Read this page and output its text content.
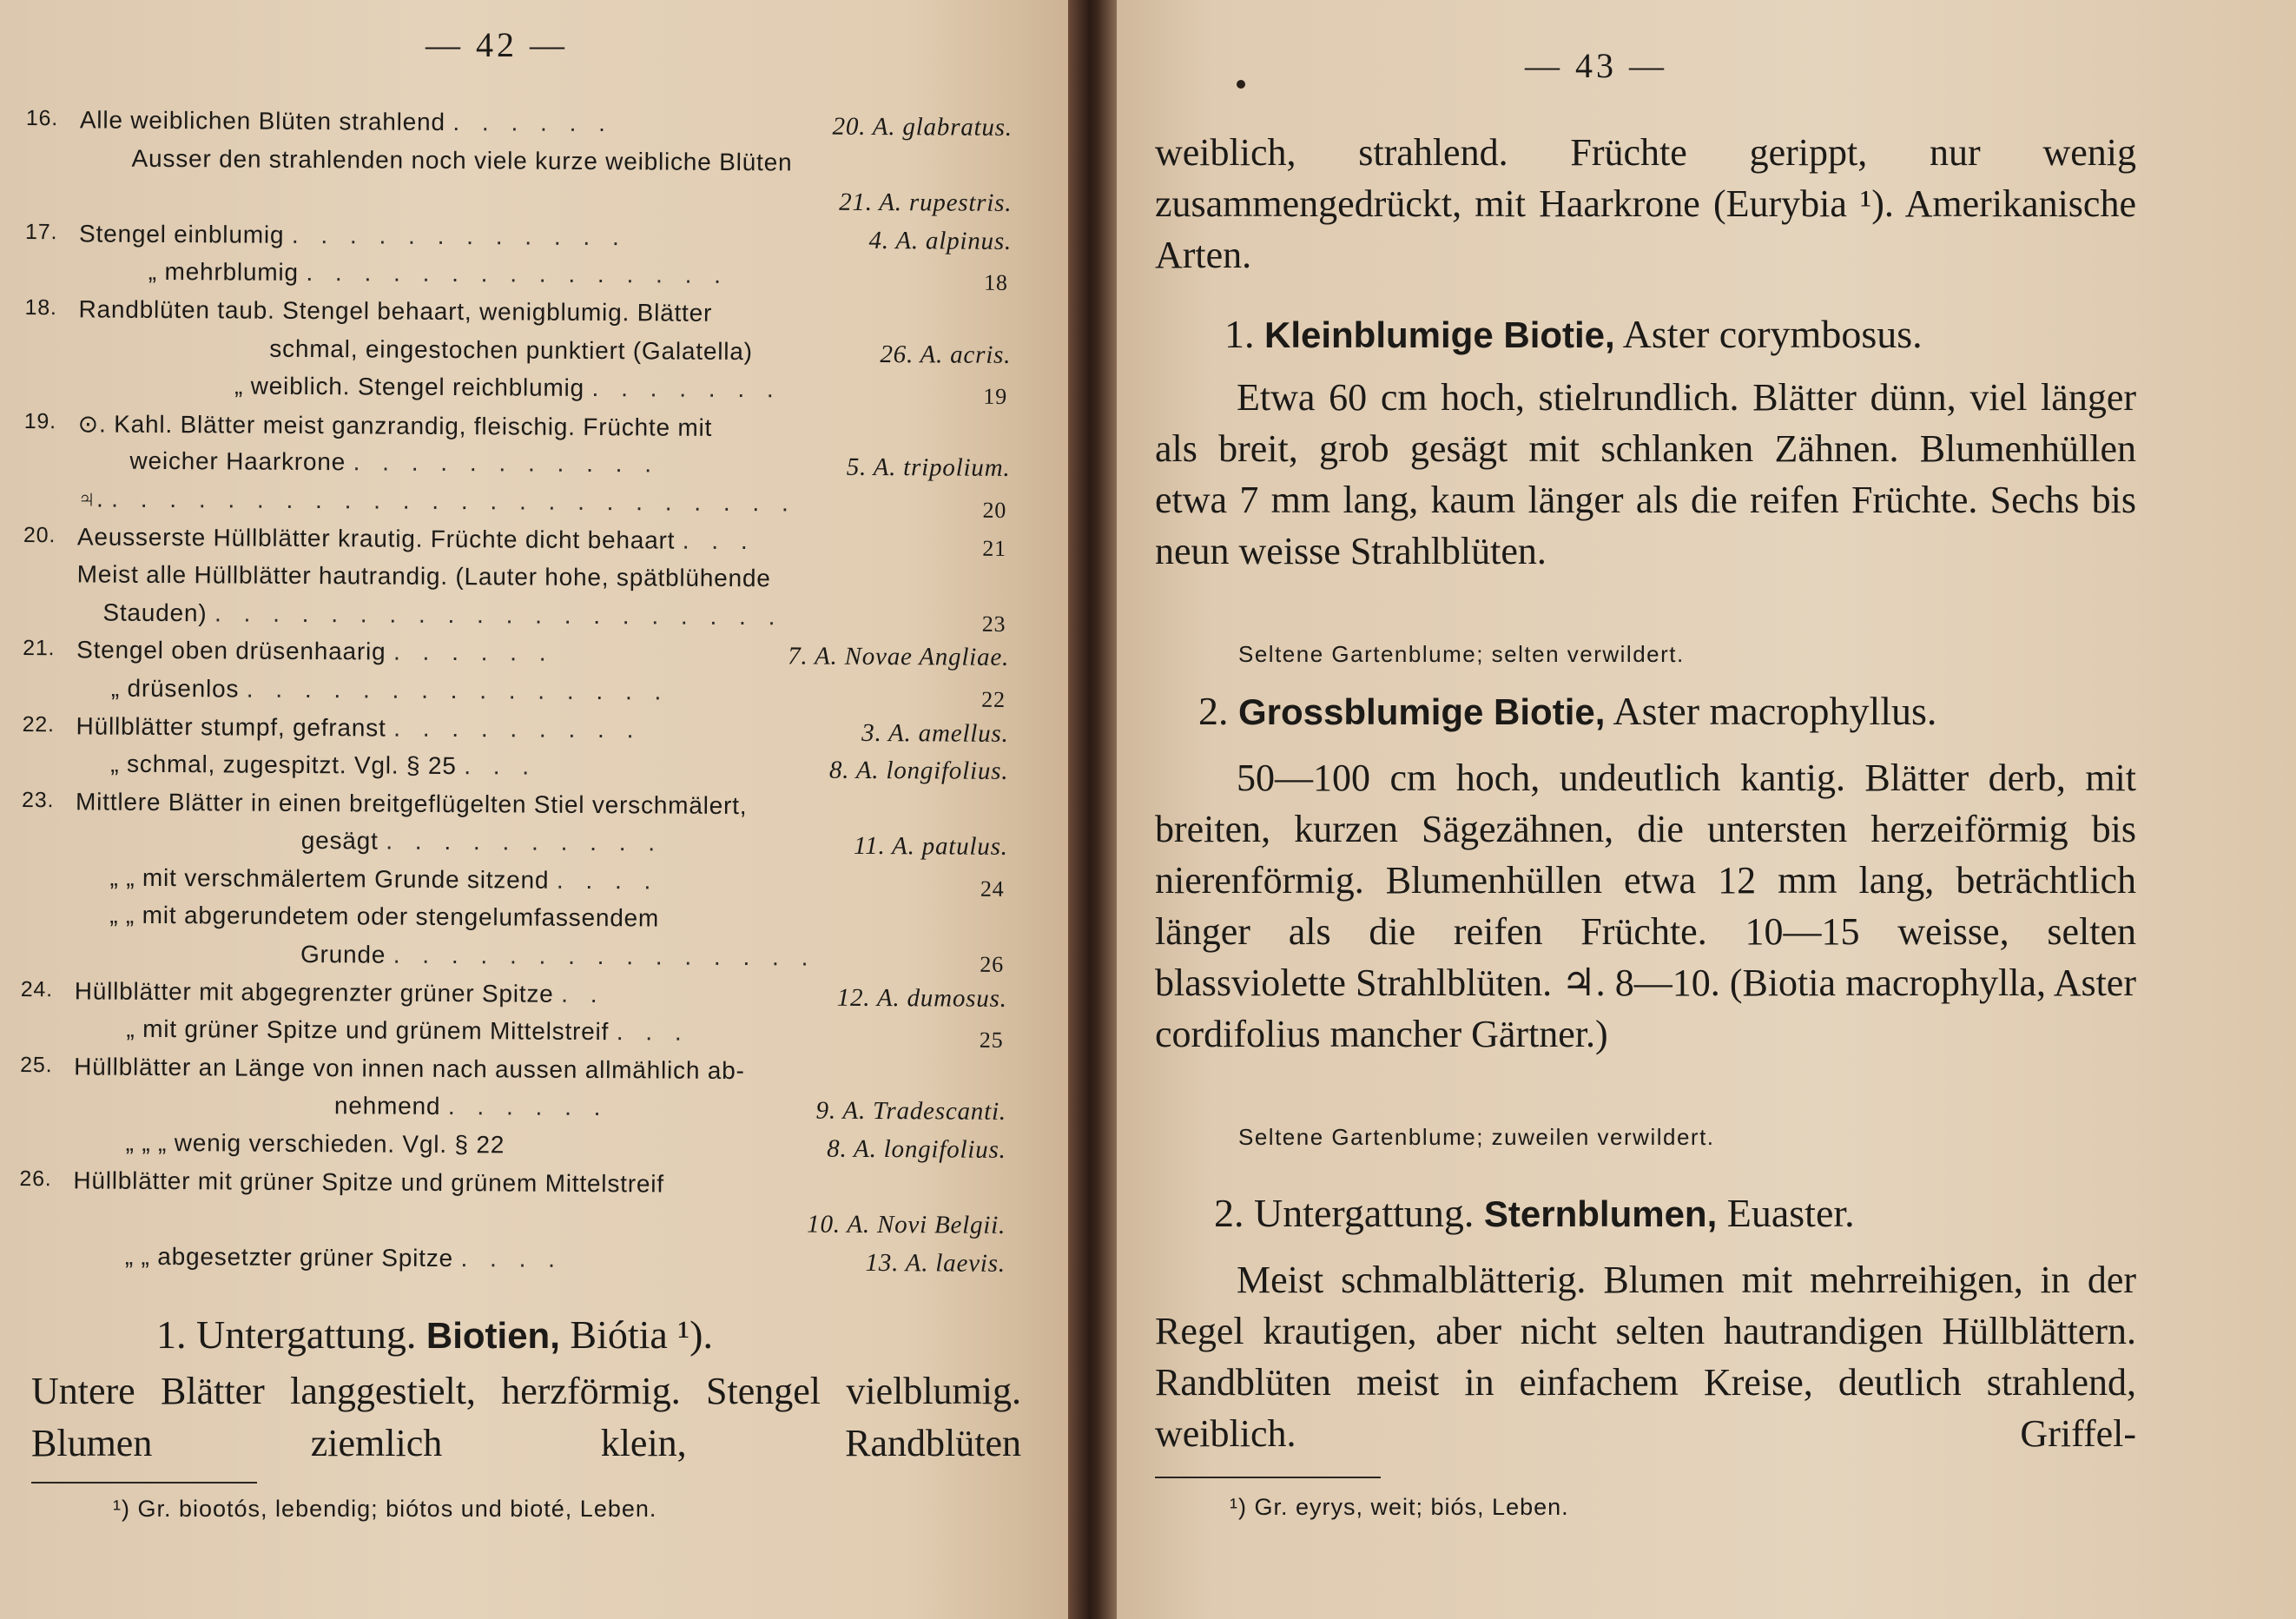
— 42 —
16. Alle weiblichen Blüten strahlend . . . . . .	20. A. glabratus.
Ausser den strahlenden noch viele kurze weibliche Blüten
21. A. rupestris.
17. Stengel einblumig . . . . . . . . . . . .	4. A. alpinus.
„ mehrblumig . . . . . . . . . . . . . . .	18
18. Randblüten taub. Stengel behaart, wenigblumig. Blätter
schmal, eingestochen punktiert (Galatella)	26. A. acris.
„ weiblich. Stengel reichblumig . . . . . . .	19
19. ⊙. Kahl. Blätter meist ganzrandig, fleischig. Früchte mit
weicher Haarkrone . . . . . . . . . . .	5. A. tripolium.
♃. . . . . . . . . . . . . . . . . . . . . . . . .	20
20. Aeusserste Hüllblätter krautig. Früchte dicht behaart . . .	21
Meist alle Hüllblätter hautrandig. (Lauter hohe, spätblühende
Stauden) . . . . . . . . . . . . . . . . . . . .	23
21. Stengel oben drüsenhaarig . . . . . .	7. A. Novae Angliae.
„ drüsenlos . . . . . . . . . . . . . . .	22
22. Hüllblätter stumpf, gefranst . . . . . . . . .	3. A. amellus.
„ schmal, zugespitzt. Vgl. § 25 . . .	8. A. longifolius.
23. Mittlere Blätter in einen breitgeflügelten Stiel verschmälert,
gesägt . . . . . . . . . .	11. A. patulus.
„ „ mit verschmälertem Grunde sitzend . . . .	24
„ „ mit abgerundetem oder stengelumfassendem
Grunde . . . . . . . . . . . . . . .	26
24. Hüllblätter mit abgegrenzter grüner Spitze . .	12. A. dumosus.
„ mit grüner Spitze und grünem Mittelstreif . . .	25
25. Hüllblätter an Länge von innen nach aussen allmählich ab-
nehmend . . . . . .	9. A. Tradescanti.
„ „ „ wenig verschieden. Vgl. § 22	8. A. longifolius.
26. Hüllblätter mit grüner Spitze und grünem Mittelstreif
10. A. Novi Belgii.
„ „ abgesetzter grüner Spitze . . . .	13. A. laevis.
1. Untergattung. Biotien, Biótia ¹).
Untere Blätter langgestielt, herzförmig. Stengel vielblumig. Blumen ziemlich klein, Randblüten
¹) Gr. biootós, lebendig; biótos und bioté, Leben.
— 43 —
weiblich, strahlend. Früchte gerippt, nur wenig zusammengedrückt, mit Haarkrone (Eurybia ¹). Amerikanische Arten.
1. Kleinblumige Biotie, Aster corymbosus.
Etwa 60 cm hoch, stielrundlich. Blätter dünn, viel länger als breit, grob gesägt mit schlanken Zähnen. Blumenhüllen etwa 7 mm lang, kaum länger als die reifen Früchte. Sechs bis neun weisse Strahlblüten.
Seltene Gartenblume; selten verwildert.
2. Grossblumige Biotie, Aster macrophyllus.
50—100 cm hoch, undeutlich kantig. Blätter derb, mit breiten, kurzen Sägezähnen, die untersten herzeiförmig bis nierenförmig. Blumenhüllen etwa 12 mm lang, beträchtlich länger als die reifen Früchte. 10—15 weisse, selten blassviolette Strahlblüten. ♃. 8—10. (Biotia macrophylla, Aster cordifolius mancher Gärtner.)
Seltene Gartenblume; zuweilen verwildert.
2. Untergattung. Sternblumen, Euaster.
Meist schmalblätterig. Blumen mit mehrreihigen, in der Regel krautigen, aber nicht selten hautrandigen Hüllblättern. Randblüten meist in einfachem Kreise, deutlich strahlend, weiblich. Griffel-
¹) Gr. eyrys, weit; biós, Leben.
